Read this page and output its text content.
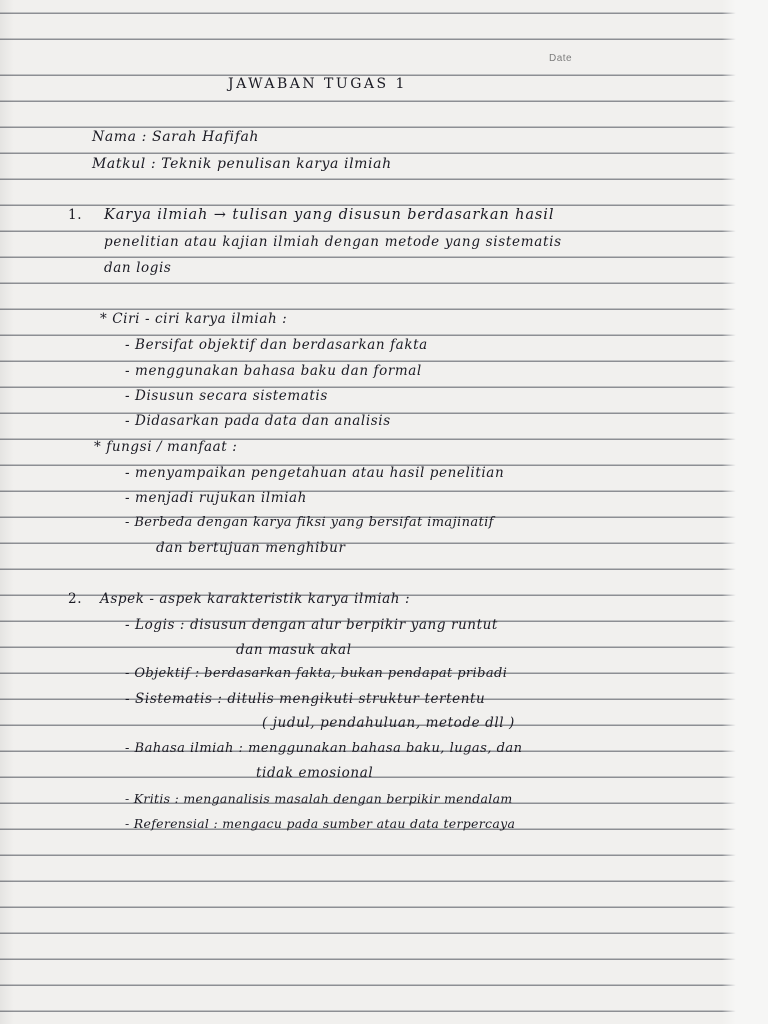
Date
JAWABAN TUGAS 1
Nama : Sarah Hafifah
Matkul : Teknik penulisan karya ilmiah
1. Karya ilmiah → tulisan yang disusun berdasarkan hasil
penelitian atau kajian ilmiah dengan metode yang sistematis
dan logis
* Ciri - ciri karya ilmiah :
- Bersifat objektif dan berdasarkan fakta
- menggunakan bahasa baku dan formal
- Disusun secara sistematis
- Didasarkan pada data dan analisis
* fungsi / manfaat :
- menyampaikan pengetahuan atau hasil penelitian
- menjadi rujukan ilmiah
- Berbeda dengan karya fiksi yang bersifat imajinatif
dan bertujuan menghibur
2. Aspek - aspek karakteristik karya ilmiah :
- Logis : disusun dengan alur berpikir yang runtut
dan masuk akal
- Objektif : berdasarkan fakta, bukan pendapat pribadi
- Sistematis : ditulis mengikuti struktur tertentu
( judul, pendahuluan, metode dll )
- Bahasa ilmiah : menggunakan bahasa baku, lugas, dan
tidak emosional
- Kritis : menganalisis masalah dengan berpikir mendalam
- Referensial : mengacu pada sumber atau data terpercaya
